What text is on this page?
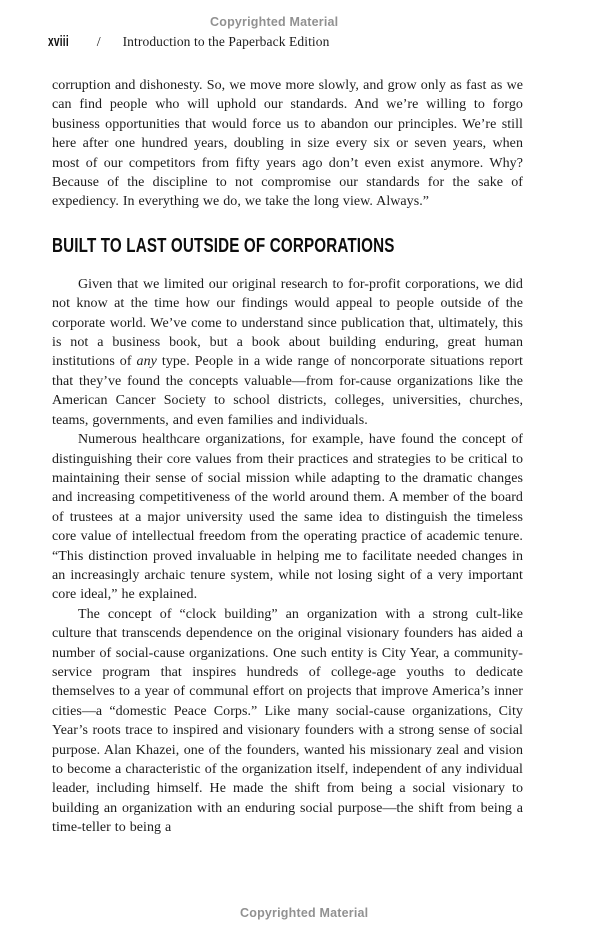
Copyrighted Material
xviii / Introduction to the Paperback Edition

corruption and dishonesty. So, we move more slowly, and grow only as fast as we can find people who will uphold our standards. And we’re willing to forgo business opportunities that would force us to abandon our principles. We’re still here after one hundred years, doubling in size every six or seven years, when most of our competitors from fifty years ago don’t even exist anymore. Why? Because of the discipline to not compromise our standards for the sake of expediency. In everything we do, we take the long view. Always.”

BUILT TO LAST OUTSIDE OF CORPORATIONS

Given that we limited our original research to for-profit corporations, we did not know at the time how our findings would appeal to people outside of the corporate world. We’ve come to understand since publication that, ultimately, this is not a business book, but a book about building enduring, great human institutions of any type. People in a wide range of noncorporate situations report that they’ve found the concepts valuable—from for-cause organizations like the American Cancer Society to school districts, colleges, universities, churches, teams, governments, and even families and individuals.

Numerous healthcare organizations, for example, have found the concept of distinguishing their core values from their practices and strategies to be critical to maintaining their sense of social mission while adapting to the dramatic changes and increasing competitiveness of the world around them. A member of the board of trustees at a major university used the same idea to distinguish the timeless core value of intellectual freedom from the operating practice of academic tenure. “This distinction proved invaluable in helping me to facilitate needed changes in an increasingly archaic tenure system, while not losing sight of a very important core ideal,” he explained.

The concept of “clock building” an organization with a strong cult-like culture that transcends dependence on the original visionary founders has aided a number of social-cause organizations. One such entity is City Year, a community-service program that inspires hundreds of college-age youths to dedicate themselves to a year of communal effort on projects that improve America’s inner cities—a “domestic Peace Corps.” Like many social-cause organizations, City Year’s roots trace to inspired and visionary founders with a strong sense of social purpose. Alan Khazei, one of the founders, wanted his missionary zeal and vision to become a characteristic of the organization itself, independent of any individual leader, including himself. He made the shift from being a social visionary to building an organization with an enduring social purpose—the shift from being a time-teller to being a

Copyrighted Material
